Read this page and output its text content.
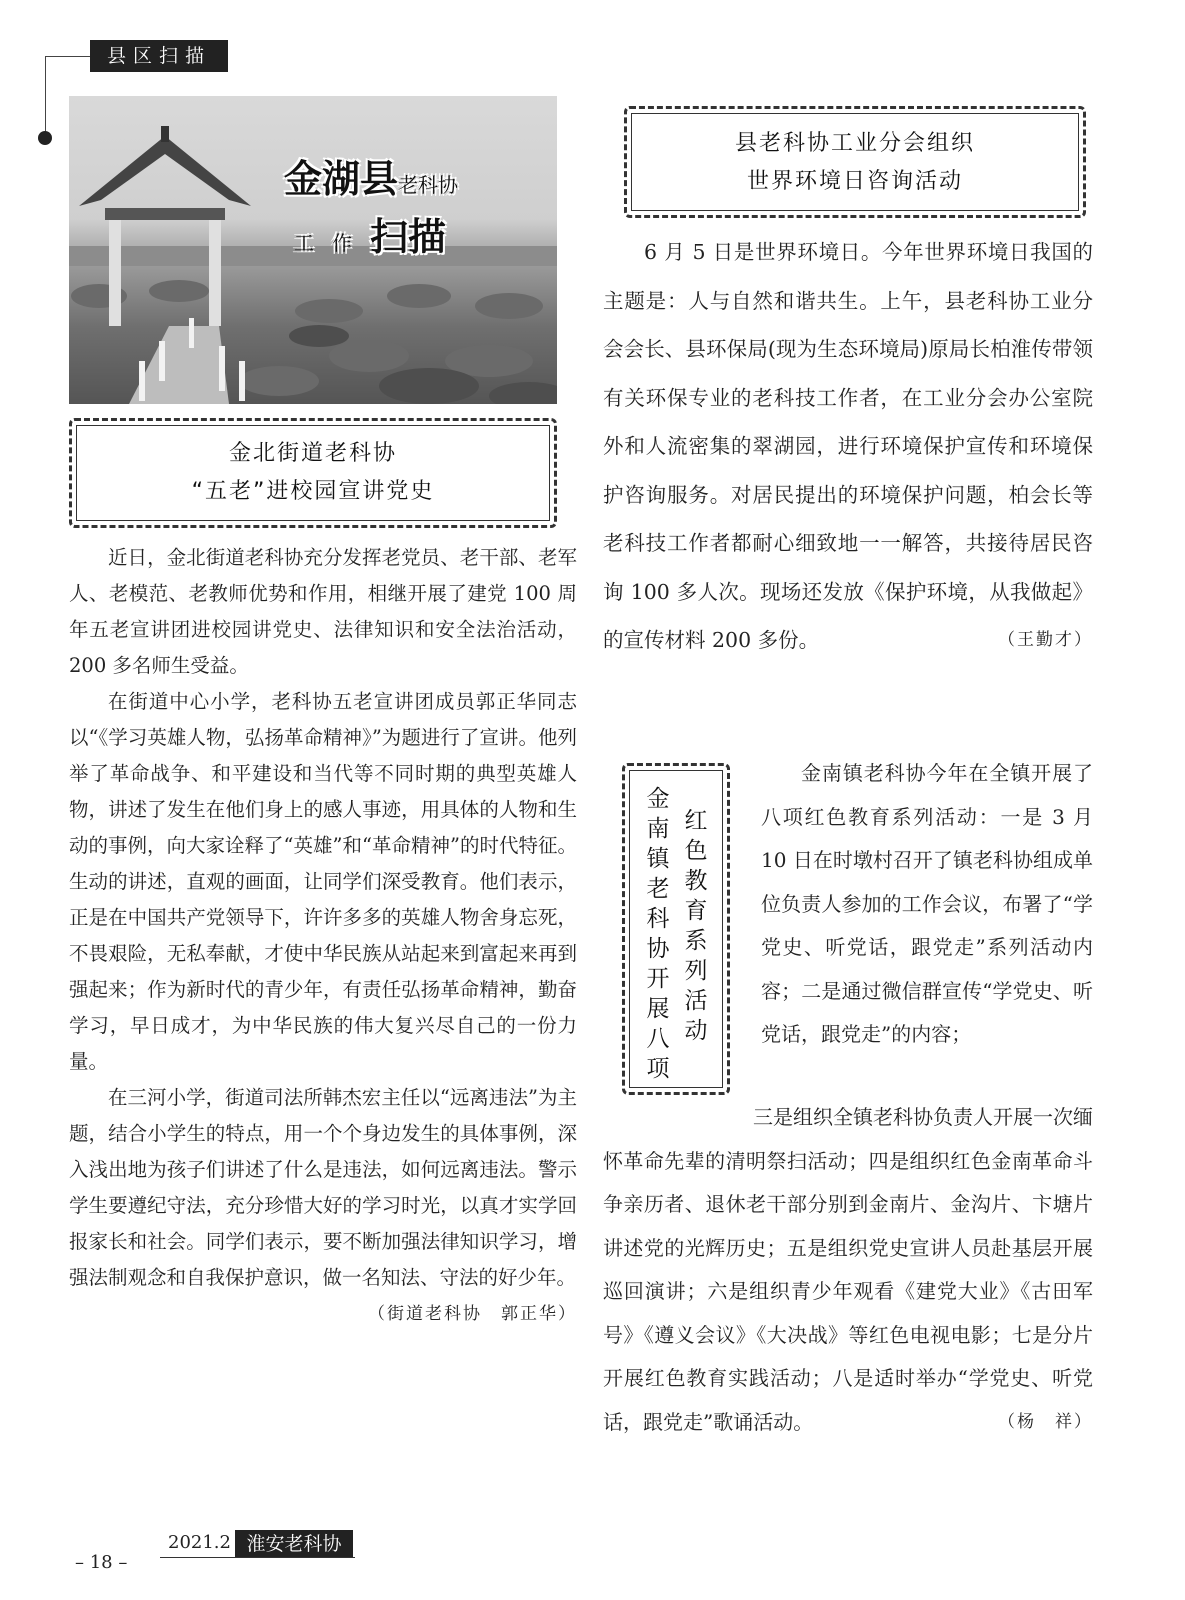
县区扫描
金湖县老科协
工作扫描
金北街道老科协
“五老”进校园宣讲党史

近日，金北街道老科协充分发挥老党员、老干部、老军人、老模范、老教师优势和作用，相继开展了建党 100 周年五老宣讲团进校园讲党史、法律知识和安全法治活动，200 多名师生受益。

在街道中心小学，老科协五老宣讲团成员郭正华同志以“《学习英雄人物，弘扬革命精神》”为题进行了宣讲。他列举了革命战争、和平建设和当代等不同时期的典型英雄人物，讲述了发生在他们身上的感人事迹，用具体的人物和生动的事例，向大家诠释了“英雄”和“革命精神”的时代特征。生动的讲述，直观的画面，让同学们深受教育。他们表示，正是在中国共产党领导下，许许多多的英雄人物舍身忘死，不畏艰险，无私奉献，才使中华民族从站起来到富起来再到强起来；作为新时代的青少年，有责任弘扬革命精神，勤奋学习，早日成才，为中华民族的伟大复兴尽自己的一份力量。

在三河小学，街道司法所韩杰宏主任以“远离违法”为主题，结合小学生的特点，用一个个身边发生的具体事例，深入浅出地为孩子们讲述了什么是违法，如何远离违法。警示学生要遵纪守法，充分珍惜大好的学习时光，以真才实学回报家长和社会。同学们表示，要不断加强法律知识学习，增强法制观念和自我保护意识，做一名知法、守法的好少年。
（街道老科协　郭正华）

县老科协工业分会组织
世界环境日咨询活动

6 月 5 日是世界环境日。今年世界环境日我国的主题是：人与自然和谐共生。上午，县老科协工业分会会长、县环保局(现为生态环境局)原局长柏淮传带领有关环保专业的老科技工作者，在工业分会办公室院外和人流密集的翠湖园，进行环境保护宣传和环境保护咨询服务。对居民提出的环境保护问题，柏会长等老科技工作者都耐心细致地一一解答，共接待居民咨询 100 多人次。现场还发放《保护环境，从我做起》的宣传材料 200 多份。	（王勤才）

金南镇老科协开展八项
红色教育系列活动

金南镇老科协今年在全镇开展了八项红色教育系列活动：一是 3 月 10 日在时墩村召开了镇老科协组成单位负责人参加的工作会议，布署了“学党史、听党话，跟党走”系列活动内容；二是通过微信群宣传“学党史、听党话，跟党走”的内容；

三是组织全镇老科协负责人开展一次缅怀革命先辈的清明祭扫活动；四是组织红色金南革命斗争亲历者、退休老干部分别到金南片、金沟片、卞塘片讲述党的光辉历史；五是组织党史宣讲人员赴基层开展巡回演讲；六是组织青少年观看《建党大业》《古田军号》《遵义会议》《大决战》等红色电视电影；七是分片开展红色教育实践活动；八是适时举办“学党史、听党话，跟党走”歌诵活动。	（杨　祥）

– 18 –
2021.2 淮安老科协
